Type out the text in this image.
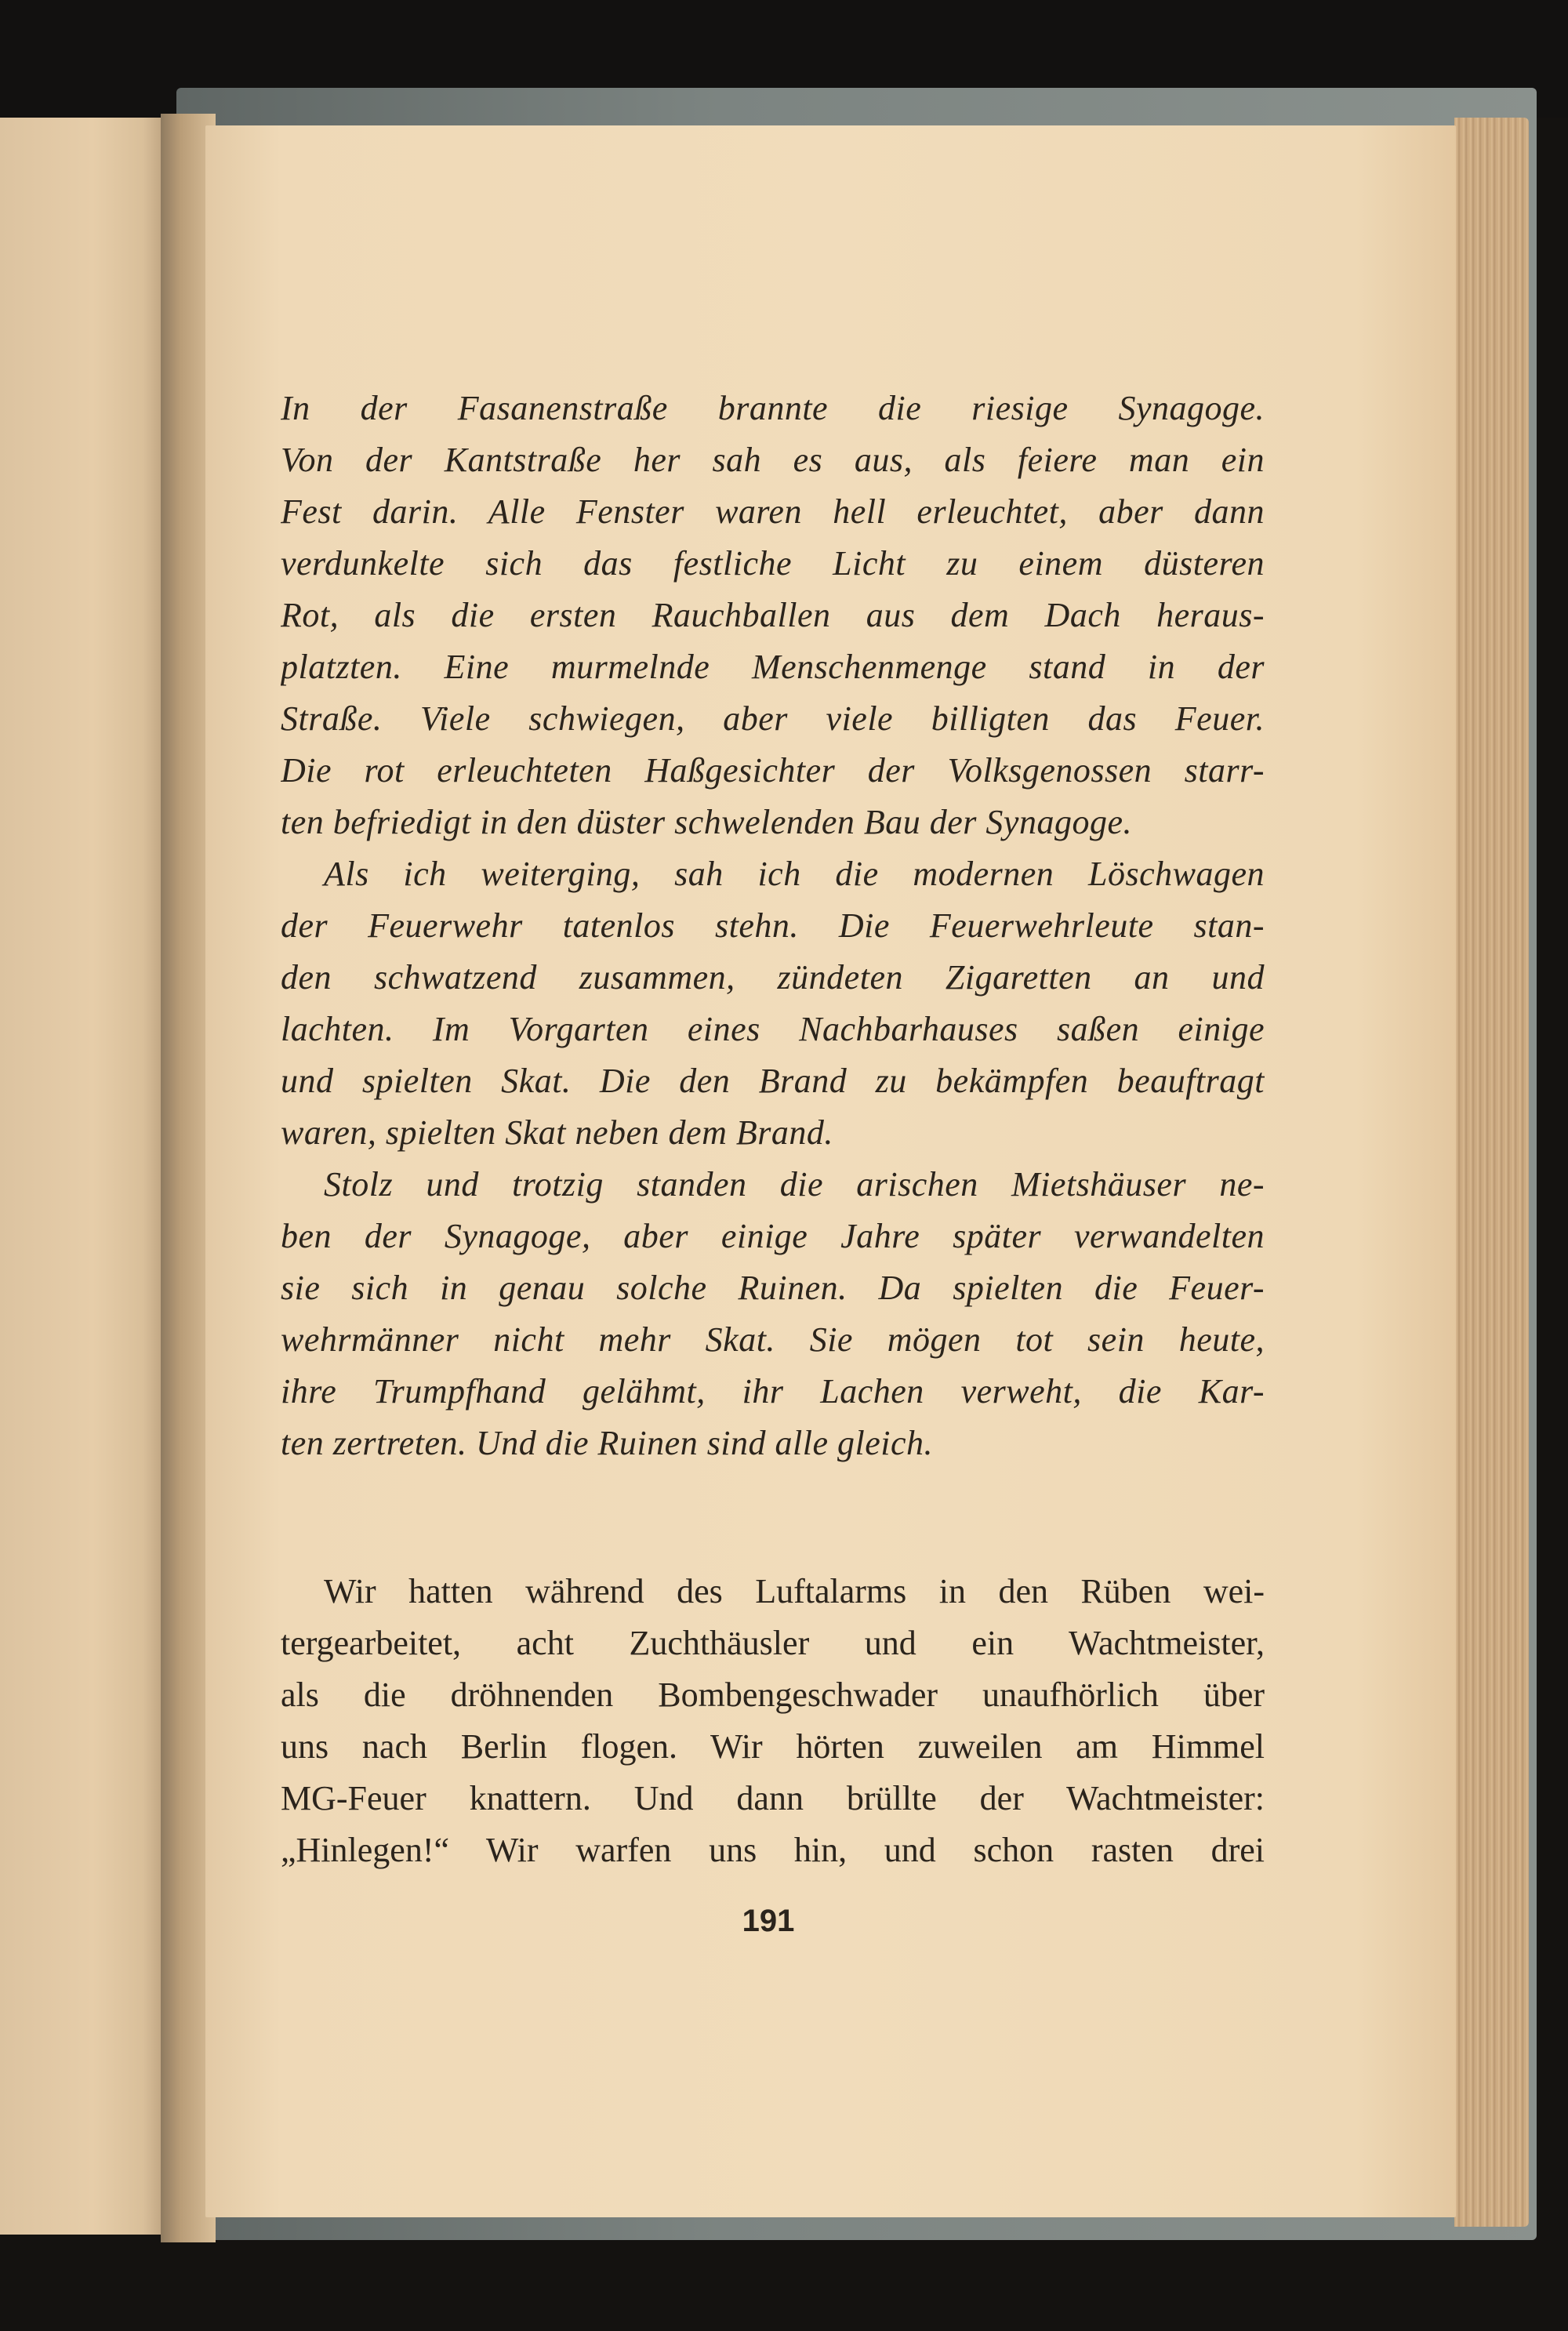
In der Fasanenstraße brannte die riesige Synagoge.
Von der Kantstraße her sah es aus, als feiere man ein
Fest darin. Alle Fenster waren hell erleuchtet, aber dann
verdunkelte sich das festliche Licht zu einem düsteren
Rot, als die ersten Rauchballen aus dem Dach heraus-
platzten. Eine murmelnde Menschenmenge stand in der
Straße. Viele schwiegen, aber viele billigten das Feuer.
Die rot erleuchteten Haßgesichter der Volksgenossen starr-
ten befriedigt in den düster schwelenden Bau der Synagoge.
Als ich weiterging, sah ich die modernen Löschwagen
der Feuerwehr tatenlos stehn. Die Feuerwehrleute stan-
den schwatzend zusammen, zündeten Zigaretten an und
lachten. Im Vorgarten eines Nachbarhauses saßen einige
und spielten Skat. Die den Brand zu bekämpfen beauftragt
waren, spielten Skat neben dem Brand.
Stolz und trotzig standen die arischen Mietshäuser ne-
ben der Synagoge, aber einige Jahre später verwandelten
sie sich in genau solche Ruinen. Da spielten die Feuer-
wehrmänner nicht mehr Skat. Sie mögen tot sein heute,
ihre Trumpfhand gelähmt, ihr Lachen verweht, die Kar-
ten zertreten. Und die Ruinen sind alle gleich.
Wir hatten während des Luftalarms in den Rüben wei-
tergearbeitet, acht Zuchthäusler und ein Wachtmeister,
als die dröhnenden Bombengeschwader unaufhörlich über
uns nach Berlin flogen. Wir hörten zuweilen am Himmel
MG-Feuer knattern. Und dann brüllte der Wachtmeister:
„Hinlegen!“ Wir warfen uns hin, und schon rasten drei
191
